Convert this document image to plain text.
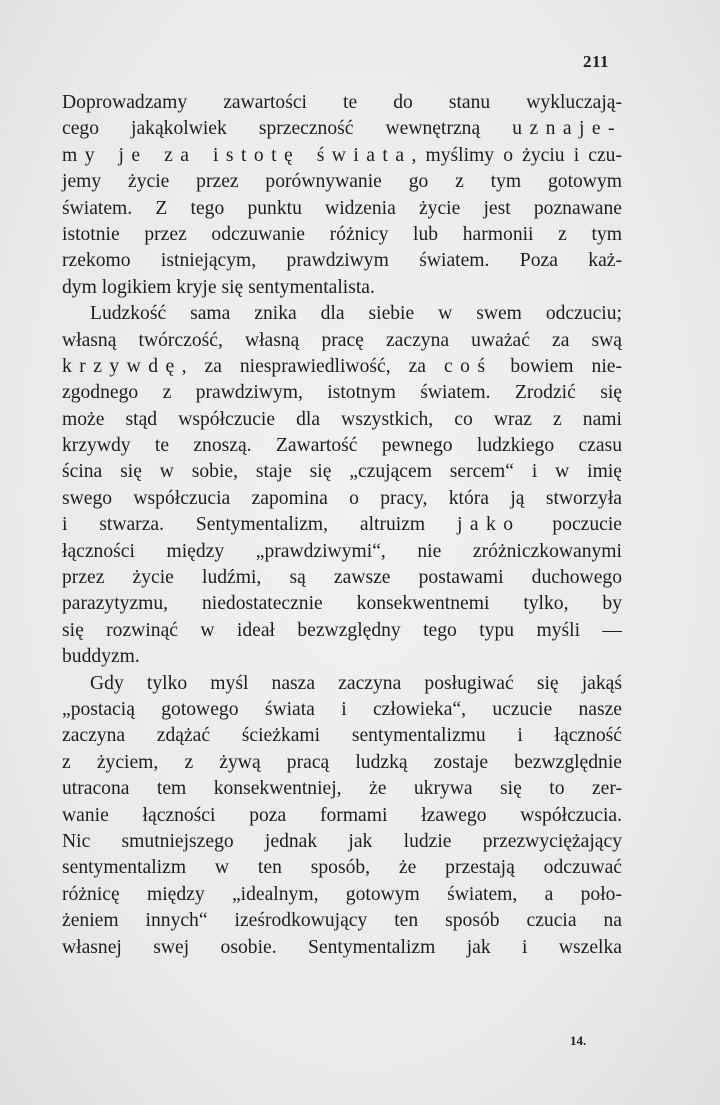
211
Doprowadzamy zawartości te do stanu wykluczają-
cego jakąkolwiek sprzeczność wewnętrzną uznaje-
my je za istotę świata, myślimy o życiu i czu-
jemy życie przez porównywanie go z tym gotowym
światem. Z tego punktu widzenia życie jest poznawane
istotnie przez odczuwanie różnicy lub harmonii z tym
rzekomo istniejącym, prawdziwym światem. Poza każ-
dym logikiem kryje się sentymentalista.
Ludzkość sama znika dla siebie w swem odczuciu;
własną twórczość, własną pracę zaczyna uważać za swą
krzywdę, za niesprawiedliwość, za coś bowiem nie-
zgodnego z prawdziwym, istotnym światem. Zrodzić się
może stąd współczucie dla wszystkich, co wraz z nami
krzywdy te znoszą. Zawartość pewnego ludzkiego czasu
ścina się w sobie, staje się „czującem sercem“ i w imię
swego współczucia zapomina o pracy, która ją stworzyła
i stwarza. Sentymentalizm, altruizm jako poczucie
łączności między „prawdziwymi“, nie zróżniczkowanymi
przez życie ludźmi, są zawsze postawami duchowego
parazytyzmu, niedostatecznie konsekwentnemi tylko, by
się rozwinąć w ideał bezwzględny tego typu myśli —
buddyzm.
Gdy tylko myśl nasza zaczyna posługiwać się jakąś
„postacią gotowego świata i człowieka“, uczucie nasze
zaczyna zdążać ścieżkami sentymentalizmu i łączność
z życiem, z żywą pracą ludzką zostaje bezwzględnie
utracona tem konsekwentniej, że ukrywa się to zer-
wanie łączności poza formami łzawego współczucia.
Nic smutniejszego jednak jak ludzie przezwyciężający
sentymentalizm w ten sposób, że przestają odczuwać
różnicę między „idealnym, gotowym światem, a poło-
żeniem innych“ iześrodkowujący ten sposób czucia na
własnej swej osobie. Sentymentalizm jak i wszelka
14.
